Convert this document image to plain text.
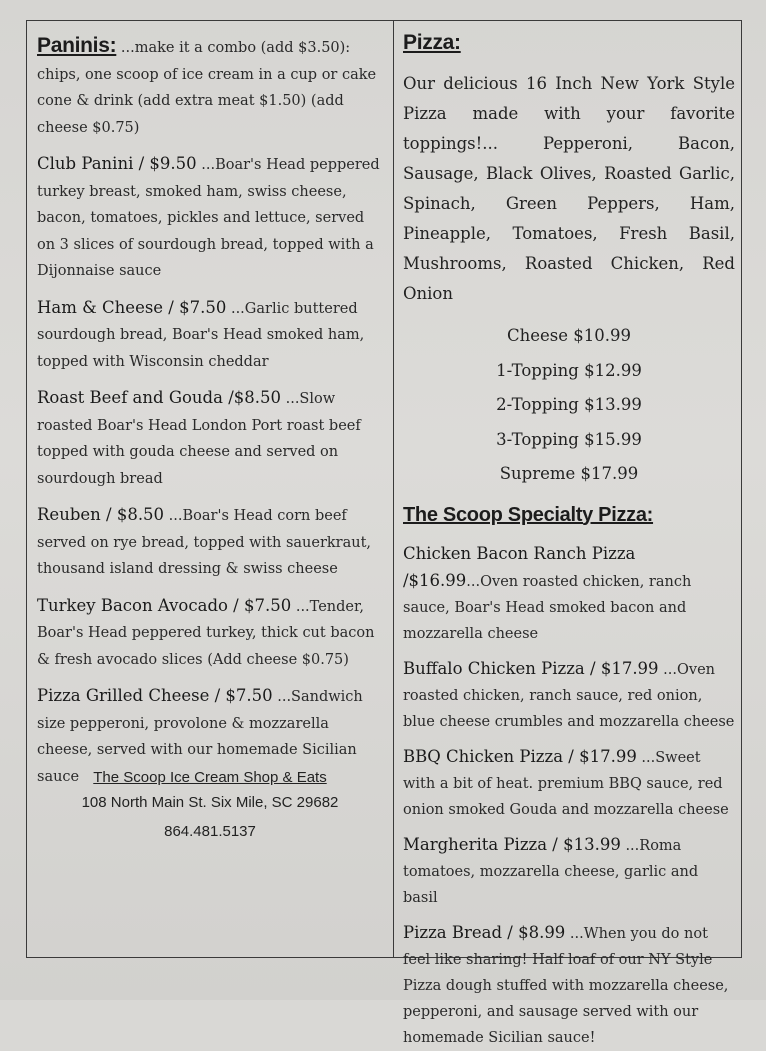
Paninis: ...make it a combo (add $3.50): chips, one scoop of ice cream in a cup or cake cone & drink (add extra meat $1.50) (add cheese $0.75)
Club Panini / $9.50 ...Boar's Head peppered turkey breast, smoked ham, swiss cheese, bacon, tomatoes, pickles and lettuce, served on 3 slices of sourdough bread, topped with a Dijonnaise sauce
Ham & Cheese / $7.50 ...Garlic buttered sourdough bread, Boar's Head smoked ham, topped with Wisconsin cheddar
Roast Beef and Gouda /$8.50 ...Slow roasted Boar's Head London Port roast beef topped with gouda cheese and served on sourdough bread
Reuben / $8.50 ...Boar's Head corn beef served on rye bread, topped with sauerkraut, thousand island dressing & swiss cheese
Turkey Bacon Avocado / $7.50 ...Tender, Boar's Head peppered turkey, thick cut bacon & fresh avocado slices (Add cheese $0.75)
Pizza Grilled Cheese / $7.50 ...Sandwich size pepperoni, provolone & mozzarella cheese, served with our homemade Sicilian sauce The Scoop Ice Cream Shop & Eats
108 North Main St. Six Mile, SC 29682
864.481.5137
Pizza:
Our delicious 16 Inch New York Style Pizza made with your favorite toppings!... Pepperoni, Bacon, Sausage, Black Olives, Roasted Garlic, Spinach, Green Peppers, Ham, Pineapple, Tomatoes, Fresh Basil, Mushrooms, Roasted Chicken, Red Onion
Cheese $10.99
1-Topping $12.99
2-Topping $13.99
3-Topping $15.99
Supreme $17.99
The Scoop Specialty Pizza:
Chicken Bacon Ranch Pizza /$16.99...Oven roasted chicken, ranch sauce, Boar's Head smoked bacon and mozzarella cheese
Buffalo Chicken Pizza / $17.99 ...Oven roasted chicken, ranch sauce, red onion, blue cheese crumbles and mozzarella cheese
BBQ Chicken Pizza / $17.99 ...Sweet with a bit of heat. premium BBQ sauce, red onion smoked Gouda and mozzarella cheese
Margherita Pizza / $13.99 ...Roma tomatoes, mozzarella cheese, garlic and basil
Pizza Bread / $8.99 ...When you do not feel like sharing! Half loaf of our NY Style Pizza dough stuffed with mozzarella cheese, pepperoni, and sausage served with our homemade Sicilian sauce!
